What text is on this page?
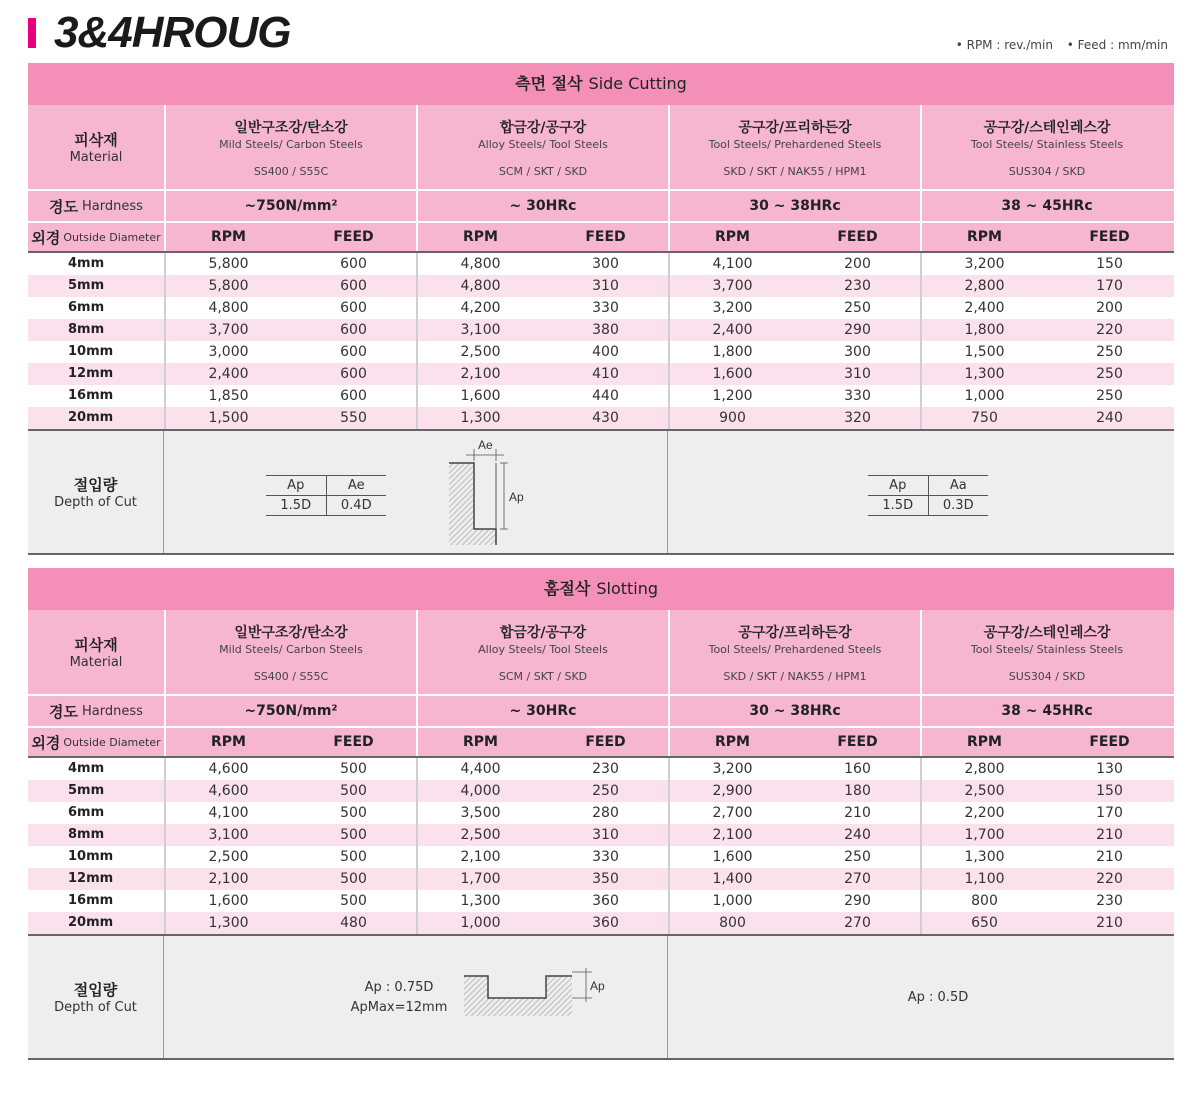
3&4HROUG	• RPM : rev./min • Feed : mm/min
측면 절삭 Side Cutting
피삭재
Material
일반구조강/탄소강
Mild Steels/ Carbon Steels
SS400 / S55C
합금강/공구강
Alloy Steels/ Tool Steels
SCM / SKT / SKD
공구강/프리하든강
Tool Steels/ Prehardened Steels
SKD / SKT / NAK55 / HPM1
공구강/스테인레스강
Tool Steels/ Stainless Steels
SUS304 / SKD
경도 Hardness	~750N/mm²	~ 30HRc	30 ~ 38HRc	38 ~ 45HRc
외경 Outside Diameter	RPM	FEED	RPM	FEED	RPM	FEED	RPM	FEED
4mm	5,800	600	4,800	300	4,100	200	3,200	150
5mm	5,800	600	4,800	310	3,700	230	2,800	170
6mm	4,800	600	4,200	330	3,200	250	2,400	200
8mm	3,700	600	3,100	380	2,400	290	1,800	220
10mm	3,000	600	2,500	400	1,800	300	1,500	250
12mm	2,400	600	2,100	410	1,600	310	1,300	250
16mm	1,850	600	1,600	440	1,200	330	1,000	250
20mm	1,500	550	1,300	430	900	320	750	240
절입량
Depth of Cut
Ap	Ae
1.5D	0.4D
Ae
Ap
Ap	Aa
1.5D	0.3D
홈절삭 Slotting
피삭재
Material
일반구조강/탄소강
Mild Steels/ Carbon Steels
SS400 / S55C
합금강/공구강
Alloy Steels/ Tool Steels
SCM / SKT / SKD
공구강/프리하든강
Tool Steels/ Prehardened Steels
SKD / SKT / NAK55 / HPM1
공구강/스테인레스강
Tool Steels/ Stainless Steels
SUS304 / SKD
경도 Hardness	~750N/mm²	~ 30HRc	30 ~ 38HRc	38 ~ 45HRc
외경 Outside Diameter	RPM	FEED	RPM	FEED	RPM	FEED	RPM	FEED
4mm	4,600	500	4,400	230	3,200	160	2,800	130
5mm	4,600	500	4,000	250	2,900	180	2,500	150
6mm	4,100	500	3,500	280	2,700	210	2,200	170
8mm	3,100	500	2,500	310	2,100	240	1,700	210
10mm	2,500	500	2,100	330	1,600	250	1,300	210
12mm	2,100	500	1,700	350	1,400	270	1,100	220
16mm	1,600	500	1,300	360	1,000	290	800	230
20mm	1,300	480	1,000	360	800	270	650	210
절입량
Depth of Cut
Ap : 0.75D
ApMax=12mm
Ap
Ap : 0.5D
